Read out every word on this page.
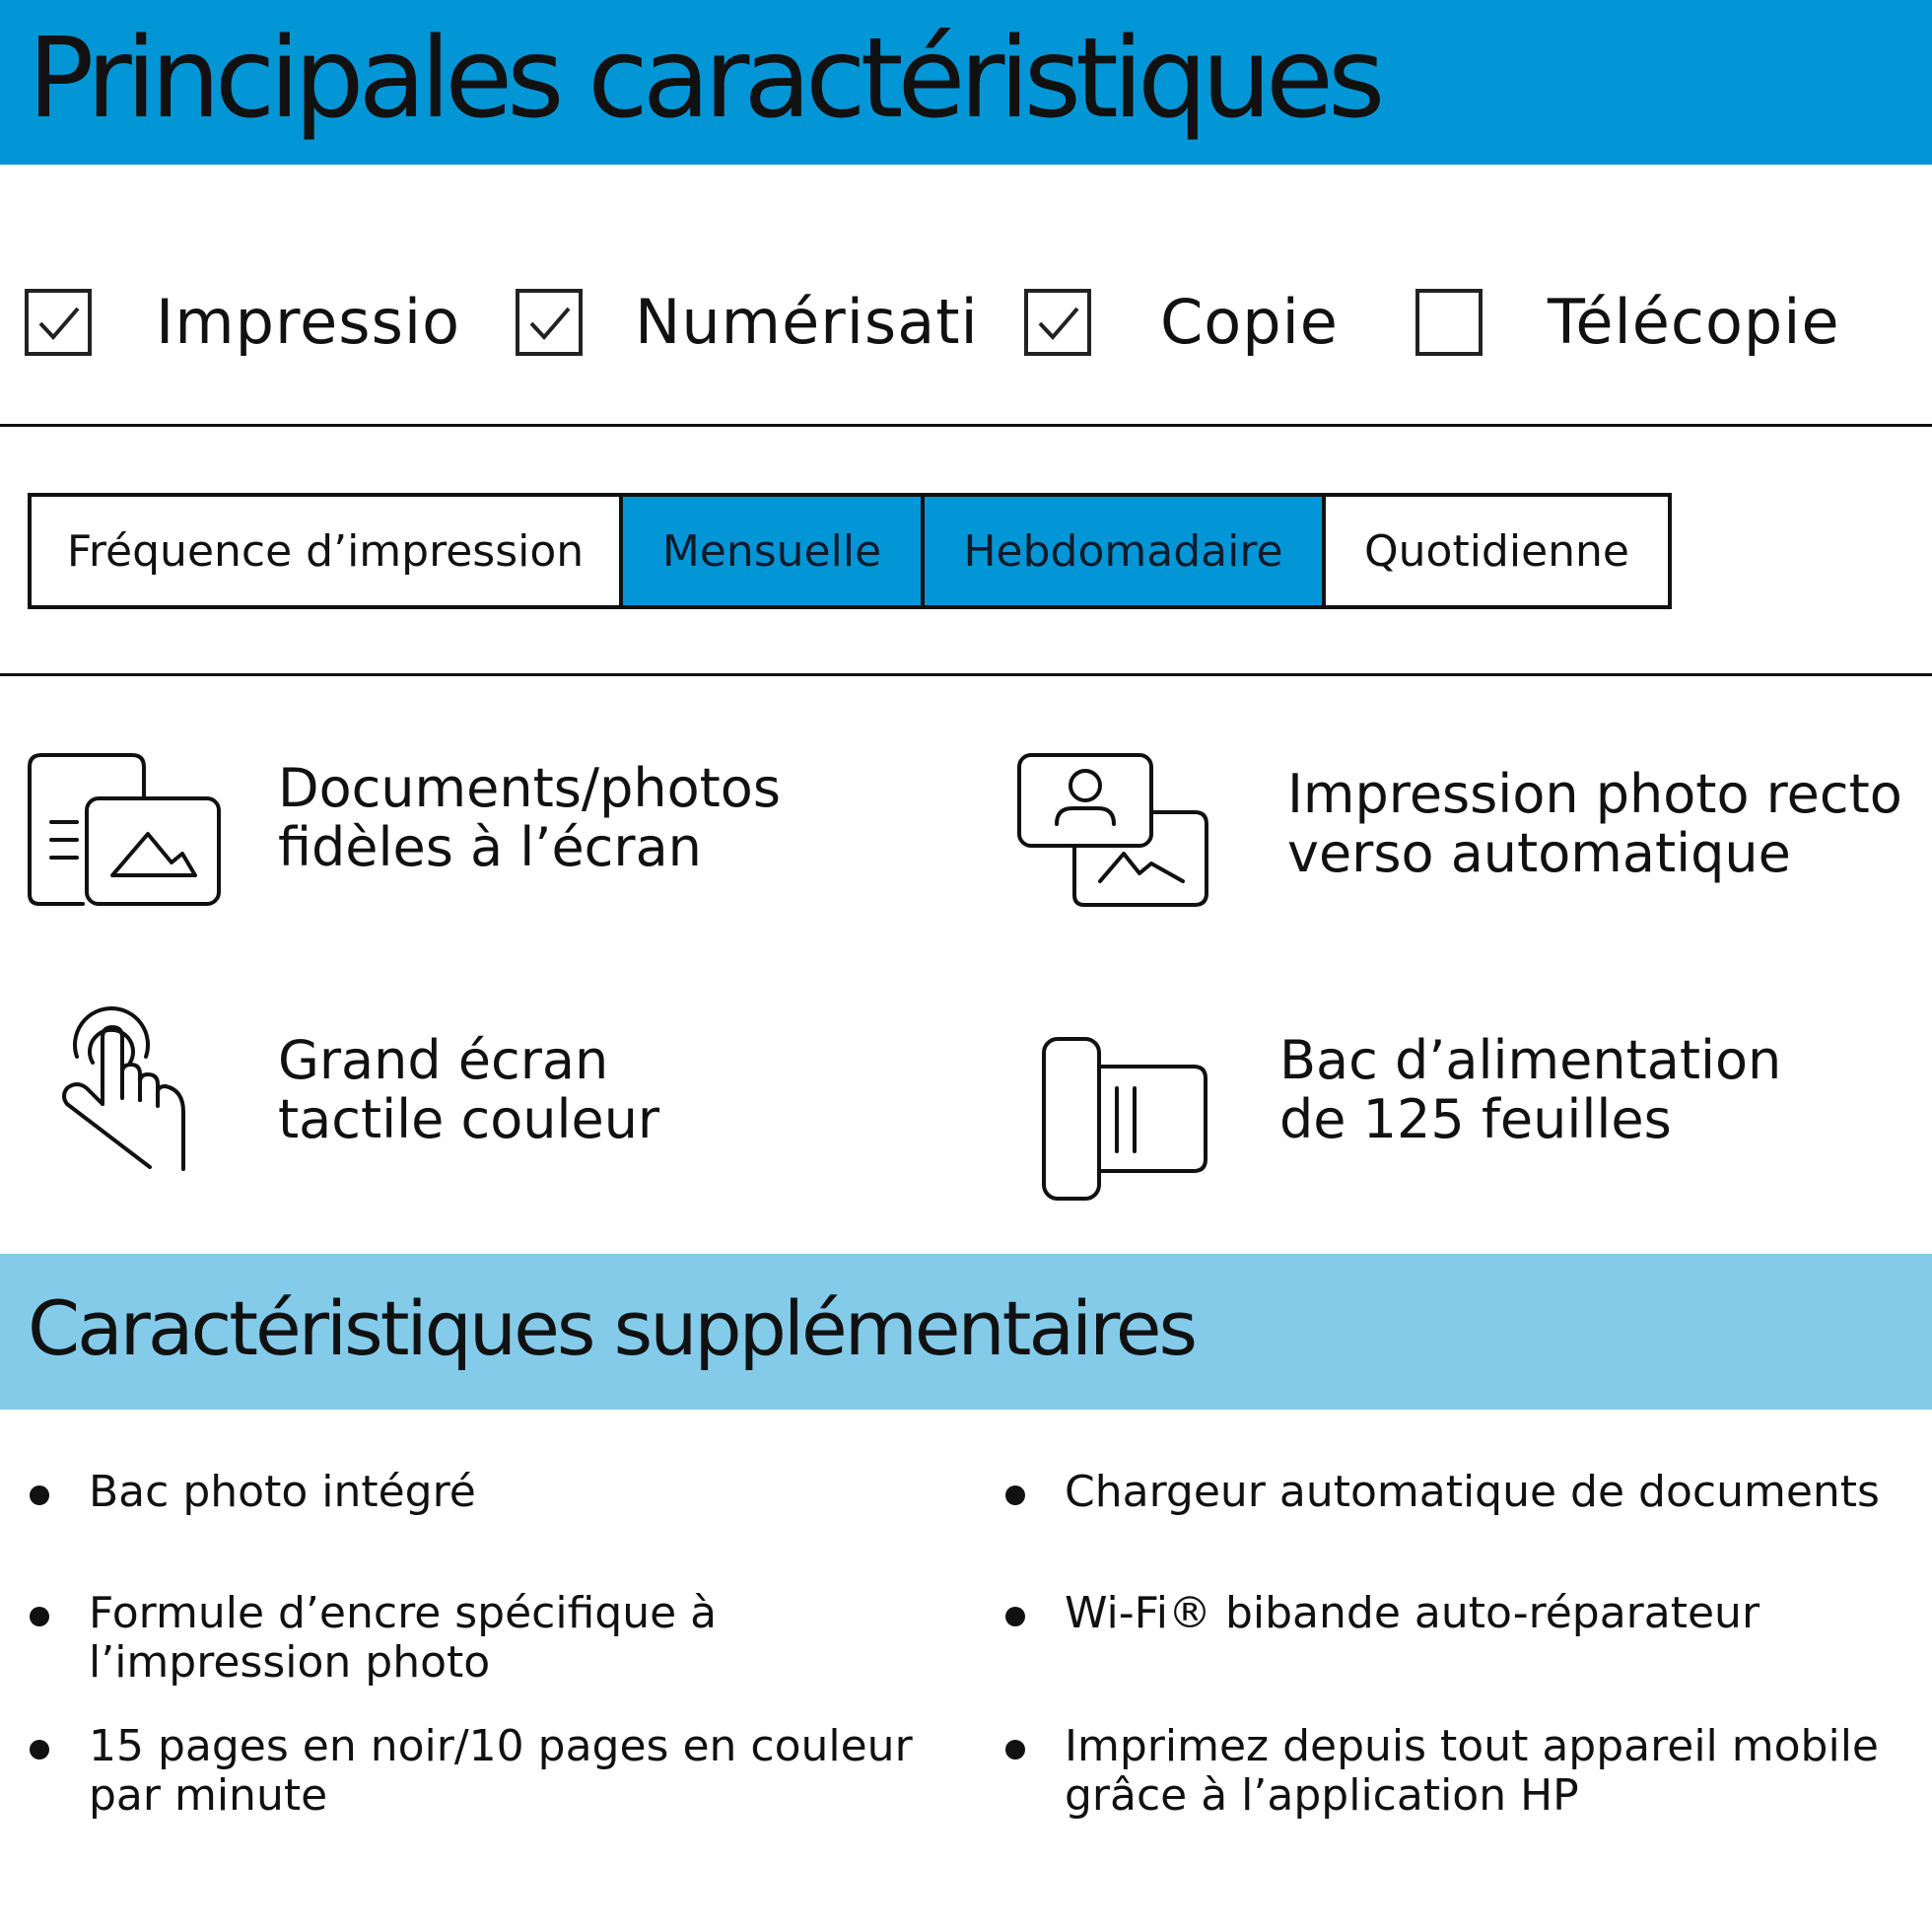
Principales caractéristiques
Impressio	Numérisati	Copie	Télécopie
Fréquence d’impression	Mensuelle	Hebdomadaire	Quotidienne
Documents/photos
fidèles à l’écran
Impression photo recto
verso automatique
Grand écran
tactile couleur
Bac d’alimentation
de 125 feuilles
Caractéristiques supplémentaires
Bac photo intégré
Formule d’encre spécifique à
l’impression photo
15 pages en noir/10 pages en couleur
par minute
Chargeur automatique de documents
Wi-Fi® bibande auto-réparateur
Imprimez depuis tout appareil mobile
grâce à l’application HP
